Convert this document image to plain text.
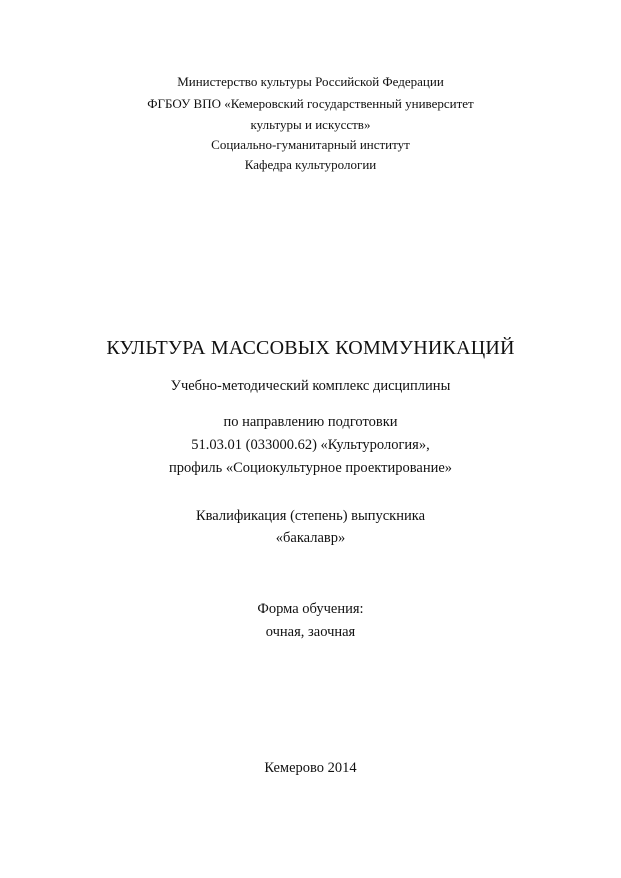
Министерство культуры Российской Федерации
ФГБОУ ВПО «Кемеровский государственный университет
культуры и искусств»
Социально-гуманитарный институт
Кафедра культурологии
КУЛЬТУРА МАССОВЫХ КОММУНИКАЦИЙ
Учебно-методический комплекс дисциплины
по направлению подготовки
51.03.01 (033000.62) «Культурология»,
профиль «Социокультурное проектирование»
Квалификация (степень) выпускника
«бакалавр»
Форма обучения:
очная, заочная
Кемерово 2014
